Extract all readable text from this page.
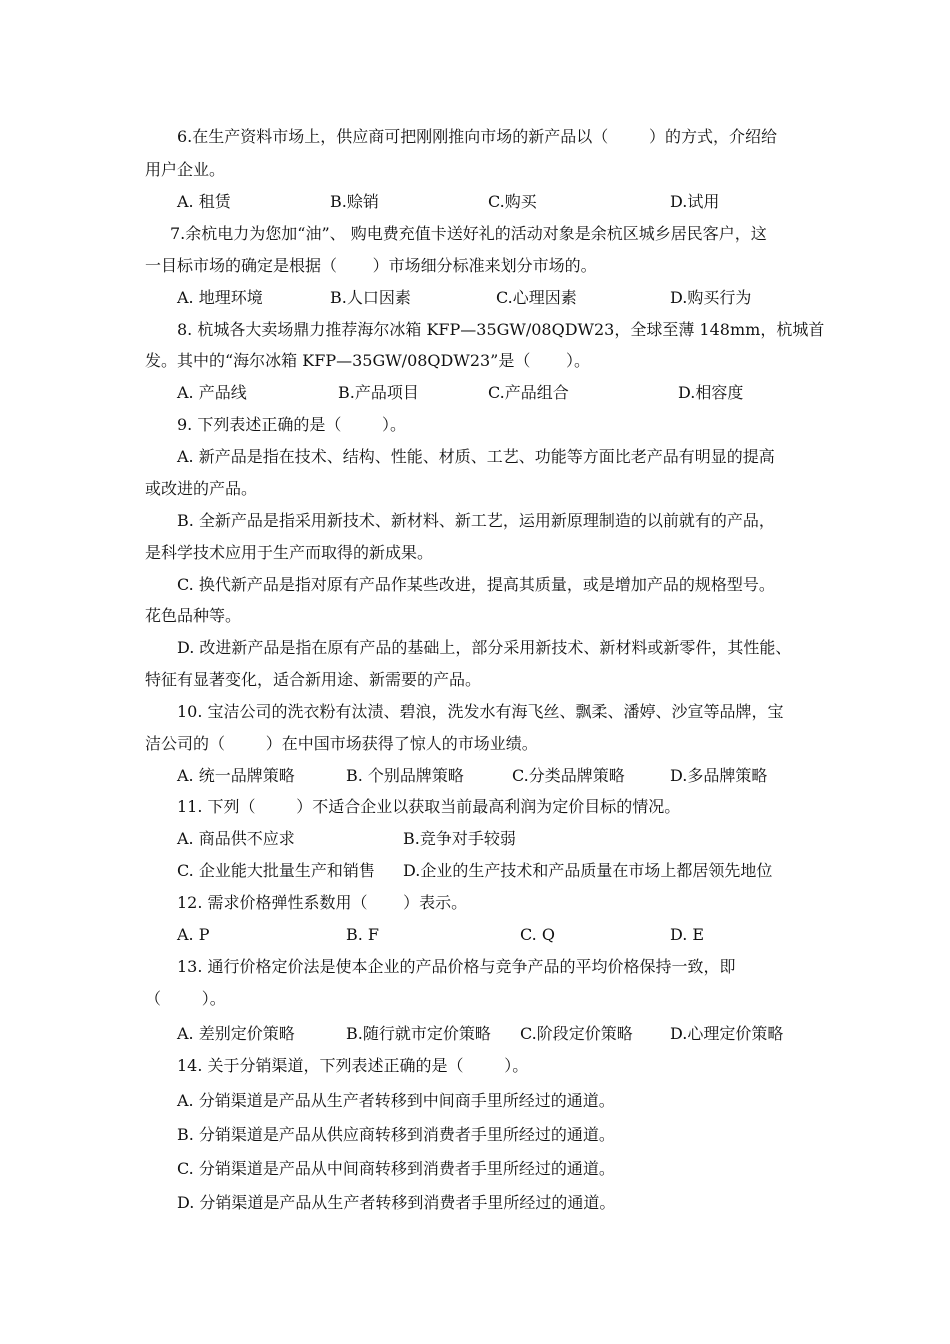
6.在生产资料市场上，供应商可把刚刚推向市场的新产品以（        ）的方式，介绍给
用户企业。
A. 租赁	B.赊销	C.购买	D.试用
7.余杭电力为您加“油”、 购电费充值卡送好礼的活动对象是余杭区城乡居民客户，这
一目标市场的确定是根据（       ）市场细分标准来划分市场的。
A. 地理环境	B.人口因素	C.心理因素	D.购买行为
8. 杭城各大卖场鼎力推荐海尔冰箱 KFP—35GW/08QDW23，全球至薄 148mm，杭城首
发。其中的“海尔冰箱 KFP—35GW/08QDW23”是（       ）。
A. 产品线	B.产品项目	C.产品组合	D.相容度
9. 下列表述正确的是（        ）。
A. 新产品是指在技术、结构、性能、材质、工艺、功能等方面比老产品有明显的提高
或改进的产品。
B. 全新产品是指采用新技术、新材料、新工艺，运用新原理制造的以前就有的产品，
是科学技术应用于生产而取得的新成果。
C. 换代新产品是指对原有产品作某些改进，提高其质量，或是增加产品的规格型号。
花色品种等。
D. 改进新产品是指在原有产品的基础上，部分采用新技术、新材料或新零件，其性能、
特征有显著变化，适合新用途、新需要的产品。
10. 宝洁公司的洗衣粉有汰渍、碧浪，洗发水有海飞丝、飘柔、潘婷、沙宣等品牌，宝
洁公司的（        ）在中国市场获得了惊人的市场业绩。
A. 统一品牌策略	B. 个别品牌策略	C.分类品牌策略	D.多品牌策略
11. 下列（        ）不适合企业以获取当前最高利润为定价目标的情况。
A. 商品供不应求	B.竞争对手较弱
C. 企业能大批量生产和销售 D.企业的生产技术和产品质量在市场上都居领先地位
12. 需求价格弹性系数用（       ）表示。
A. P	B. F	C. Q	D. E
13. 通行价格定价法是使本企业的产品价格与竞争产品的平均价格保持一致，即
（        ）。
A. 差别定价策略	B.随行就市定价策略 C.阶段定价策略 D.心理定价策略
14. 关于分销渠道，下列表述正确的是（        ）。
A. 分销渠道是产品从生产者转移到中间商手里所经过的通道。
B. 分销渠道是产品从供应商转移到消费者手里所经过的通道。
C. 分销渠道是产品从中间商转移到消费者手里所经过的通道。
D. 分销渠道是产品从生产者转移到消费者手里所经过的通道。
